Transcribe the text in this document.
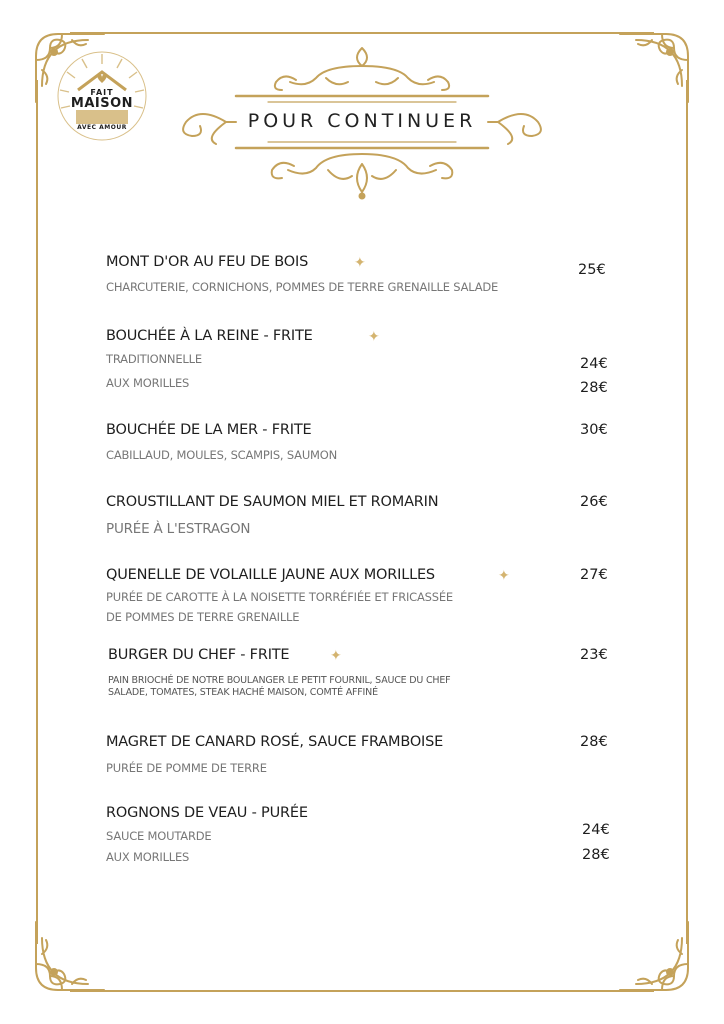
FAIT
MAISON
AVEC AMOUR	POUR CONTINUER
MONT D'OR AU FEU DE BOIS	✦	25€
CHARCUTERIE, CORNICHONS, POMMES DE TERRE GRENAILLE SALADE
BOUCHÉE À LA REINE - FRITE	✦
TRADITIONNELLE	24€
AUX MORILLES	28€
BOUCHÉE DE LA MER - FRITE	30€
CABILLAUD, MOULES, SCAMPIS, SAUMON
CROUSTILLANT DE SAUMON MIEL ET ROMARIN	26€
PURÉE À L'ESTRAGON
QUENELLE DE VOLAILLE JAUNE AUX MORILLES	✦	27€
PURÉE DE CAROTTE À LA NOISETTE TORRÉFIÉE ET FRICASSÉE
DE POMMES DE TERRE GRENAILLE
BURGER DU CHEF - FRITE	✦	23€
PAIN BRIOCHÉ DE NOTRE BOULANGER LE PETIT FOURNIL, SAUCE DU CHEF
SALADE, TOMATES, STEAK HACHÉ MAISON, COMTÉ AFFINÉ
MAGRET DE CANARD ROSÉ, SAUCE FRAMBOISE	28€
PURÉE DE POMME DE TERRE
ROGNONS DE VEAU - PURÉE
SAUCE MOUTARDE	24€
AUX MORILLES	28€
